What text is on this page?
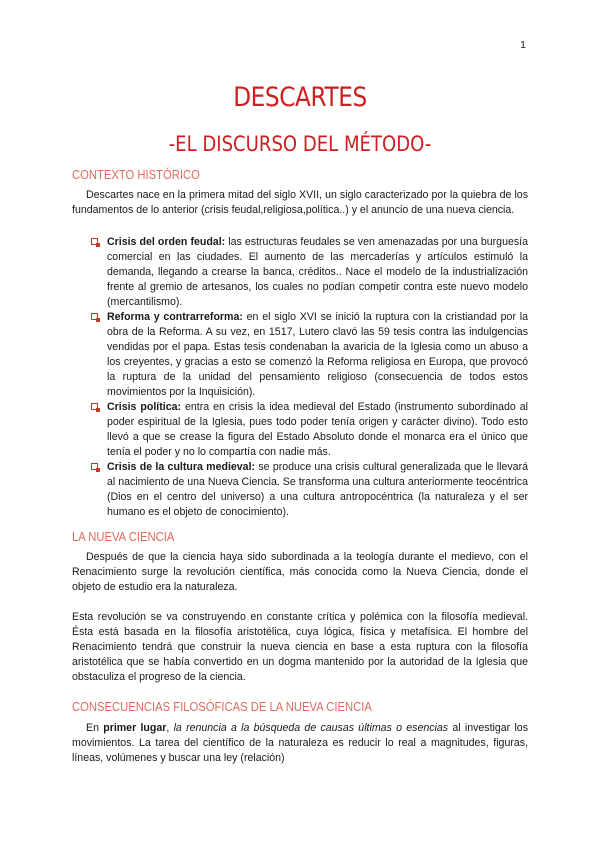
1
DESCARTES
-EL DISCURSO DEL MÉTODO-
CONTEXTO HISTÓRICO

Descartes nace en la primera mitad del siglo XVII, un siglo caracterizado por la quiebra de los fundamentos de lo anterior (crisis feudal,religiosa,política..) y el anuncio de una nueva ciencia.

Crisis del orden feudal: las estructuras feudales se ven amenazadas por una burguesía comercial en las ciudades. El aumento de las mercaderías y artículos estimuló la demanda, llegando a crearse la banca, créditos.. Nace el modelo de la industrialización frente al gremio de artesanos, los cuales no podían competir contra este nuevo modelo (mercantilismo).
Reforma y contrarreforma: en el siglo XVI se inició la ruptura con la cristiandad por la obra de la Reforma. A su vez, en 1517, Lutero clavó las 59 tesis contra las indulgencias vendidas por el papa. Estas tesis condenaban la avaricia de la Iglesia como un abuso a los creyentes, y gracias a esto se comenzó la Reforma religiosa en Europa, que provocó la ruptura de la unidad del pensamiento religioso (consecuencia de todos estos movimientos por la Inquisición).
Crisis política: entra en crisis la idea medieval del Estado (instrumento subordinado al poder espiritual de la Iglesia, pues todo poder tenía origen y carácter divino). Todo esto llevó a que se crease la figura del Estado Absoluto donde el monarca era el único que tenía el poder y no lo compartía con nadie más.
Crisis de la cultura medieval: se produce una crisis cultural generalizada que le llevará al nacimiento de una Nueva Ciencia. Se transforma una cultura anteriormente teocéntrica (Dios en el centro del universo) a una cultura antropocéntrica (la naturaleza y el ser humano es el objeto de conocimiento).
LA NUEVA CIENCIA

Después de que la ciencia haya sido subordinada a la teología durante el medievo, con el Renacimiento surge la revolución científica, más conocida como la Nueva Ciencia, donde el objeto de estudio era la naturaleza.

Esta revolución se va construyendo en constante crítica y polémica con la filosofía medieval. Ésta está basada en la filosofía aristotélica, cuya lógica, física y metafísica. El hombre del Renacimiento tendrá que construir la nueva ciencia en base a esta ruptura con la filosofía aristotélica que se había convertido en un dogma mantenido por la autoridad de la Iglesia que obstaculiza el progreso de la ciencia.

CONSECUENCIAS FILOSÓFICAS DE LA NUEVA CIENCIA

En primer lugar, la renuncia a la búsqueda de causas últimas o esencias al investigar los movimientos. La tarea del científico de la naturaleza es reducir lo real a magnitudes, figuras, líneas, volúmenes y buscar una ley (relación)
